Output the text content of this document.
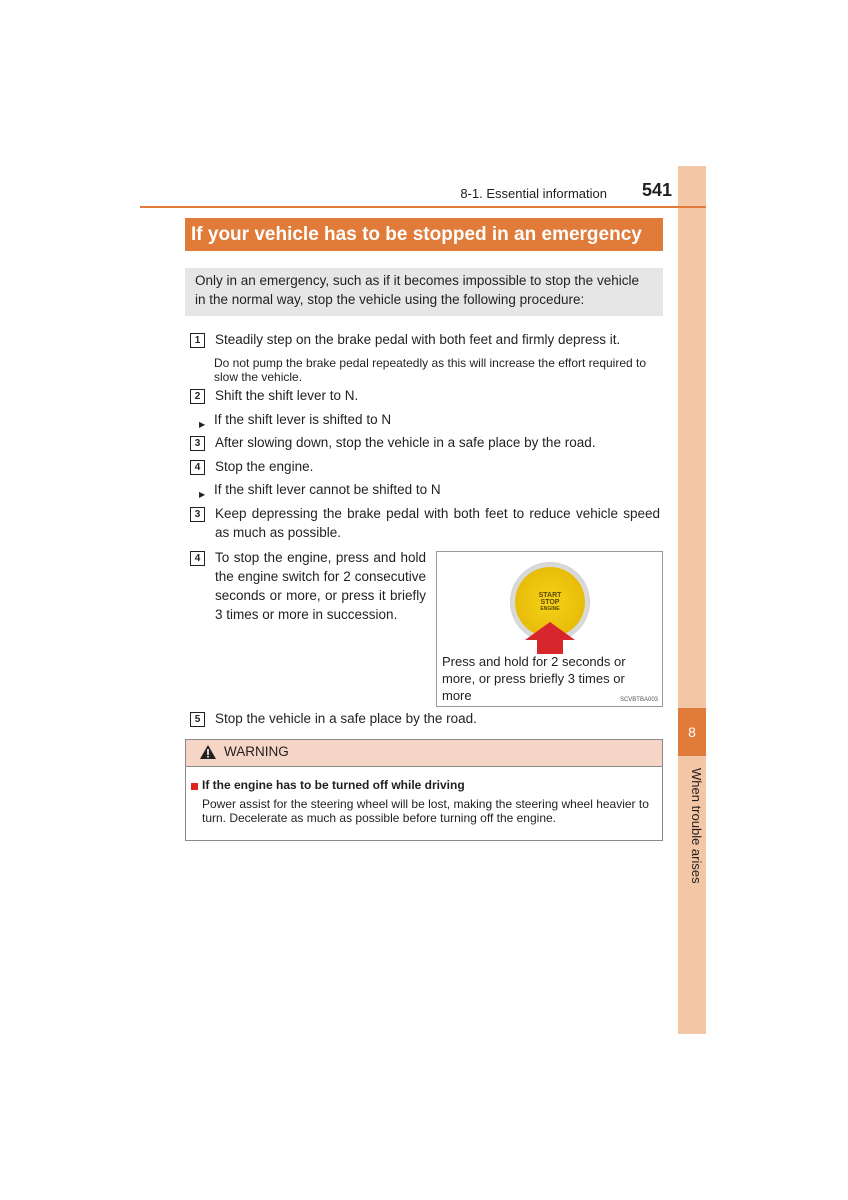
8
When trouble arises
8-1. Essential information	541
If your vehicle has to be stopped in an emergency
Only in an emergency, such as if it becomes impossible to stop the vehicle in the normal way, stop the vehicle using the following procedure:
1	Steadily step on the brake pedal with both feet and firmly depress it.
Do not pump the brake pedal repeatedly as this will increase the effort required to slow the vehicle.
2	Shift the shift lever to N.
▶ If the shift lever is shifted to N
3	After slowing down, stop the vehicle in a safe place by the road.
4	Stop the engine.
▶ If the shift lever cannot be shifted to N
3	Keep depressing the brake pedal with both feet to reduce vehicle speed as much as possible.
4	To stop the engine, press and hold the engine switch for 2 consecutive seconds or more, or press it briefly 3 times or more in succession.
START
STOP
ENGINE
Press and hold for 2 seconds or more, or press briefly 3 times or more	SCVBTBA003
5	Stop the vehicle in a safe place by the road.
WARNING
If the engine has to be turned off while driving
Power assist for the steering wheel will be lost, making the steering wheel heavier to turn. Decelerate as much as possible before turning off the engine.
